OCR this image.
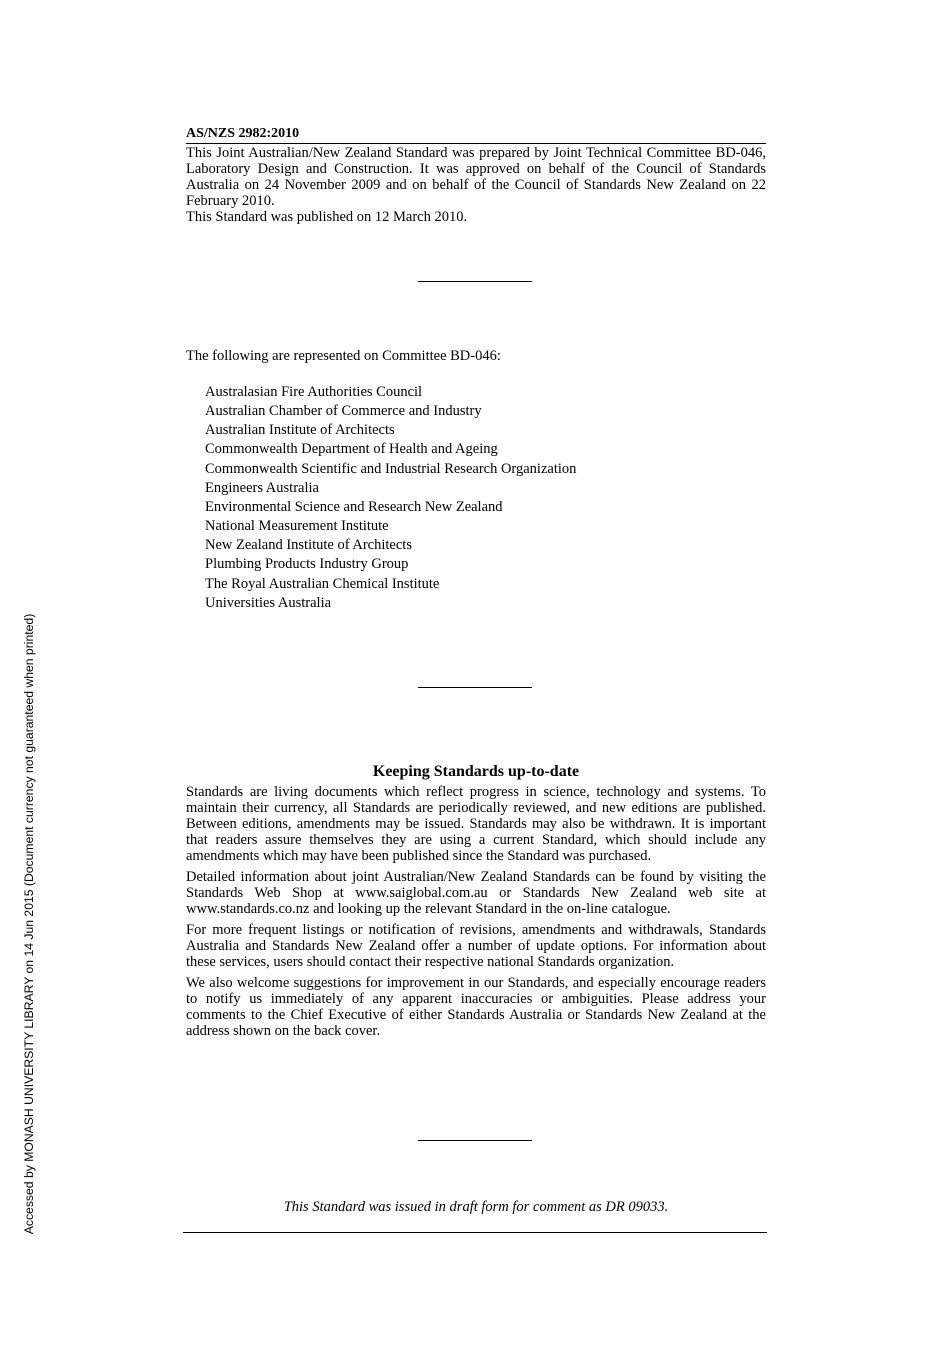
AS/NZS 2982:2010

This Joint Australian/New Zealand Standard was prepared by Joint Technical Committee BD-046, Laboratory Design and Construction. It was approved on behalf of the Council of Standards Australia on 24 November 2009 and on behalf of the Council of Standards New Zealand on 22 February 2010.

This Standard was published on 12 March 2010.

The following are represented on Committee BD-046:
Australasian Fire Authorities Council
Australian Chamber of Commerce and Industry
Australian Institute of Architects
Commonwealth Department of Health and Ageing
Commonwealth Scientific and Industrial Research Organization
Engineers Australia
Environmental Science and Research New Zealand
National Measurement Institute
New Zealand Institute of Architects
Plumbing Products Industry Group
The Royal Australian Chemical Institute
Universities Australia
Keeping Standards up-to-date

Standards are living documents which reflect progress in science, technology and systems. To maintain their currency, all Standards are periodically reviewed, and new editions are published. Between editions, amendments may be issued. Standards may also be withdrawn. It is important that readers assure themselves they are using a current Standard, which should include any amendments which may have been published since the Standard was purchased.

Detailed information about joint Australian/New Zealand Standards can be found by visiting the Standards Web Shop at www.saiglobal.com.au or Standards New Zealand web site at www.standards.co.nz and looking up the relevant Standard in the on-line catalogue.

For more frequent listings or notification of revisions, amendments and withdrawals, Standards Australia and Standards New Zealand offer a number of update options. For information about these services, users should contact their respective national Standards organization.

We also welcome suggestions for improvement in our Standards, and especially encourage readers to notify us immediately of any apparent inaccuracies or ambiguities. Please address your comments to the Chief Executive of either Standards Australia or Standards New Zealand at the address shown on the back cover.

This Standard was issued in draft form for comment as DR 09033.
Accessed by MONASH UNIVERSITY LIBRARY on 14 Jun 2015 (Document currency not guaranteed when printed)
